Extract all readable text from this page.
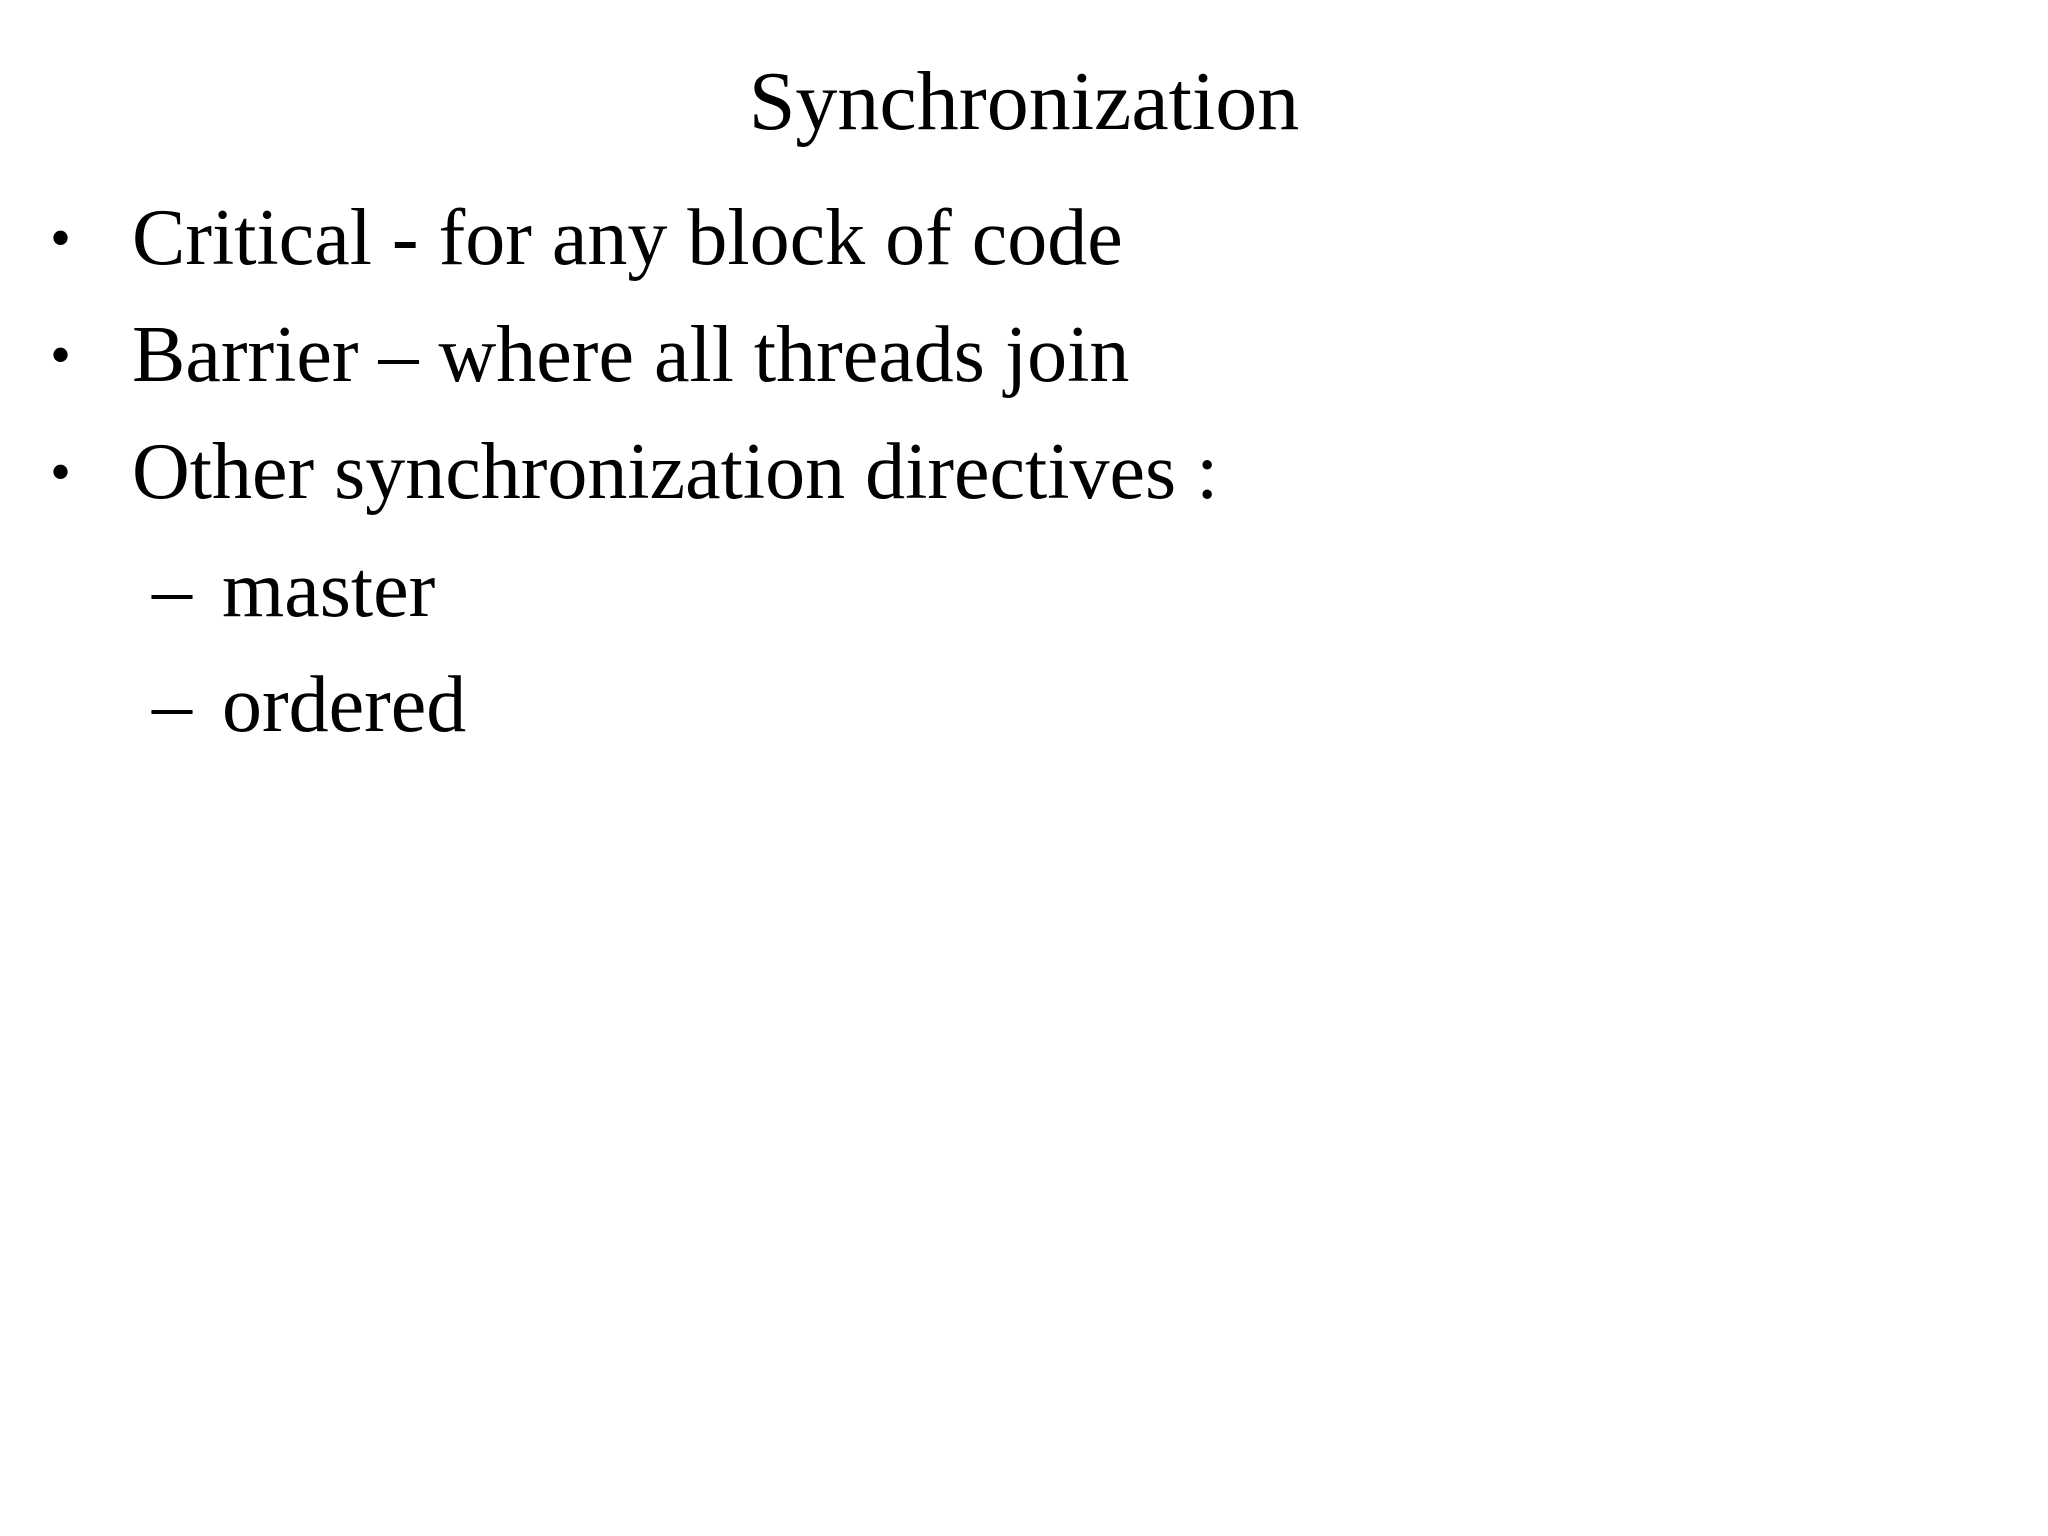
Synchronization
• Critical - for any block of code
• Barrier – where all threads join
• Other synchronization directives :
– master
– ordered
